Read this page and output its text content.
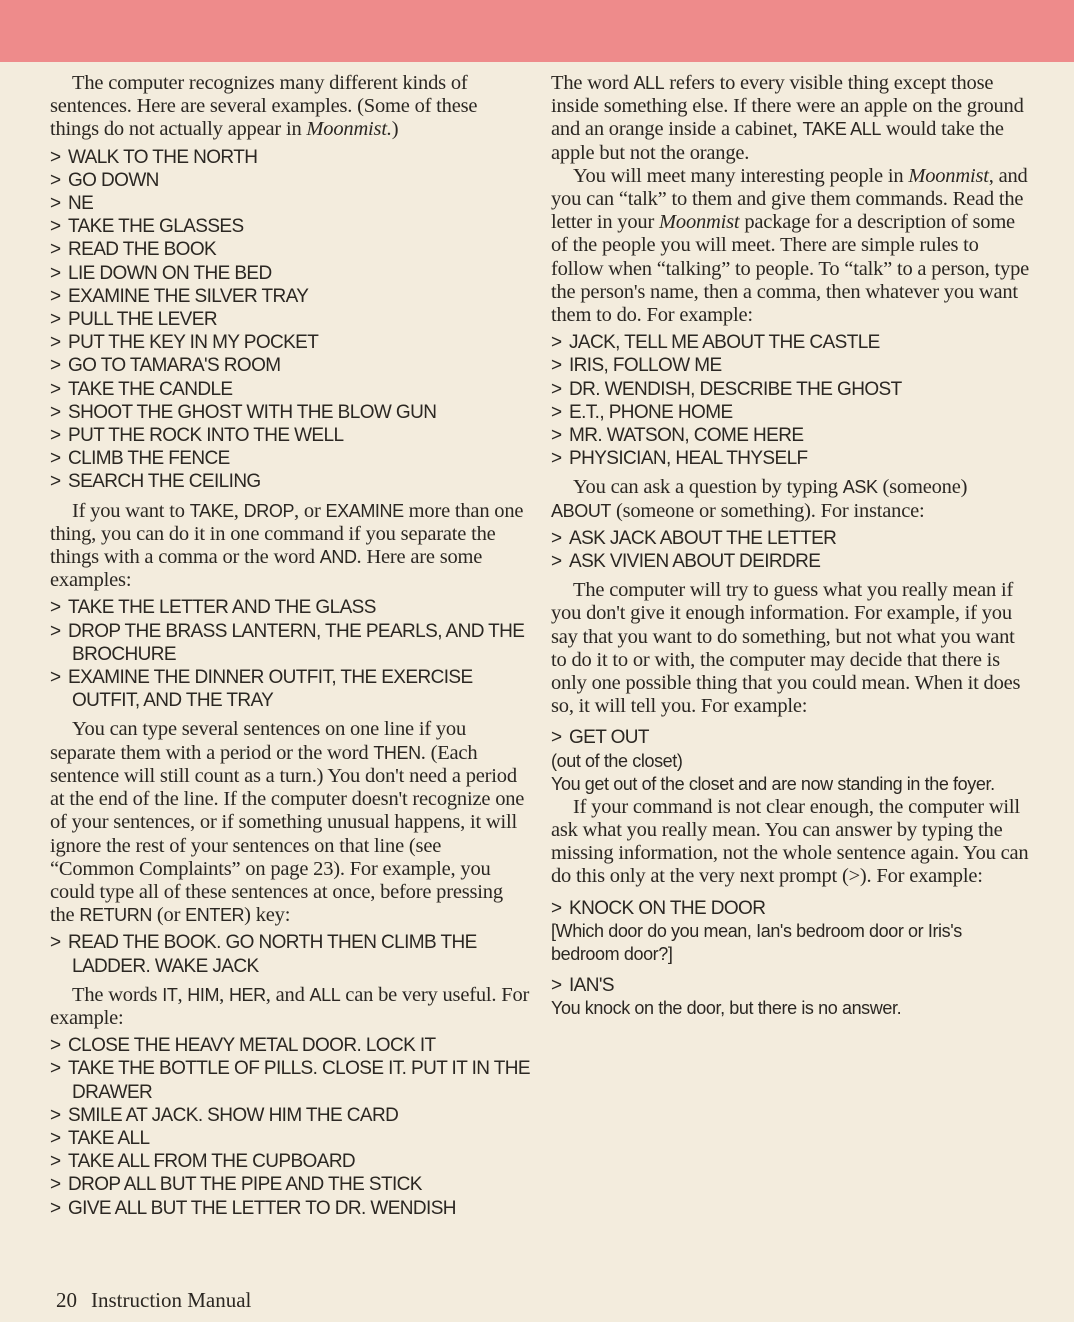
The computer recognizes many different kinds of sentences. Here are several examples. (Some of these things do not actually appear in Moonmist.)

> WALK TO THE NORTH
> GO DOWN
> NE
> TAKE THE GLASSES
> READ THE BOOK
> LIE DOWN ON THE BED
> EXAMINE THE SILVER TRAY
> PULL THE LEVER
> PUT THE KEY IN MY POCKET
> GO TO TAMARA'S ROOM
> TAKE THE CANDLE
> SHOOT THE GHOST WITH THE BLOW GUN
> PUT THE ROCK INTO THE WELL
> CLIMB THE FENCE
> SEARCH THE CEILING

If you want to TAKE, DROP, or EXAMINE more than one thing, you can do it in one command if you separate the things with a comma or the word AND. Here are some examples:

> TAKE THE LETTER AND THE GLASS
> DROP THE BRASS LANTERN, THE PEARLS, AND THE BROCHURE
> EXAMINE THE DINNER OUTFIT, THE EXERCISE OUTFIT, AND THE TRAY

You can type several sentences on one line if you separate them with a period or the word THEN. (Each sentence will still count as a turn.) You don't need a period at the end of the line. If the computer doesn't recognize one of your sentences, or if something unusual happens, it will ignore the rest of your sentences on that line (see “Common Complaints” on page 23). For example, you could type all of these sentences at once, before pressing the RETURN (or ENTER) key:

> READ THE BOOK. GO NORTH THEN CLIMB THE LADDER. WAKE JACK

The words IT, HIM, HER, and ALL can be very useful. For example:

> CLOSE THE HEAVY METAL DOOR. LOCK IT
> TAKE THE BOTTLE OF PILLS. CLOSE IT. PUT IT IN THE DRAWER
> SMILE AT JACK. SHOW HIM THE CARD
> TAKE ALL
> TAKE ALL FROM THE CUPBOARD
> DROP ALL BUT THE PIPE AND THE STICK
> GIVE ALL BUT THE LETTER TO DR. WENDISH

The word ALL refers to every visible thing except those inside something else. If there were an apple on the ground and an orange inside a cabinet, TAKE ALL would take the apple but not the orange.

You will meet many interesting people in Moonmist, and you can “talk” to them and give them commands. Read the letter in your Moonmist package for a description of some of the people you will meet. There are simple rules to follow when “talking” to people. To “talk” to a person, type the person's name, then a comma, then whatever you want them to do. For example:

> JACK, TELL ME ABOUT THE CASTLE
> IRIS, FOLLOW ME
> DR. WENDISH, DESCRIBE THE GHOST
> E.T., PHONE HOME
> MR. WATSON, COME HERE
> PHYSICIAN, HEAL THYSELF

You can ask a question by typing ASK (someone) ABOUT (someone or something). For instance:

> ASK JACK ABOUT THE LETTER
> ASK VIVIEN ABOUT DEIRDRE

The computer will try to guess what you really mean if you don't give it enough information. For example, if you say that you want to do something, but not what you want to do it to or with, the computer may decide that there is only one possible thing that you could mean. When it does so, it will tell you. For example:

> GET OUT

(out of the closet)

You get out of the closet and are now standing in the foyer.

If your command is not clear enough, the computer will ask what you really mean. You can answer by typing the missing information, not the whole sentence again. You can do this only at the very next prompt (>). For example:

> KNOCK ON THE DOOR

[Which door do you mean, Ian's bedroom door or Iris's bedroom door?]

> IAN'S

You knock on the door, but there is no answer.

20 Instruction Manual
